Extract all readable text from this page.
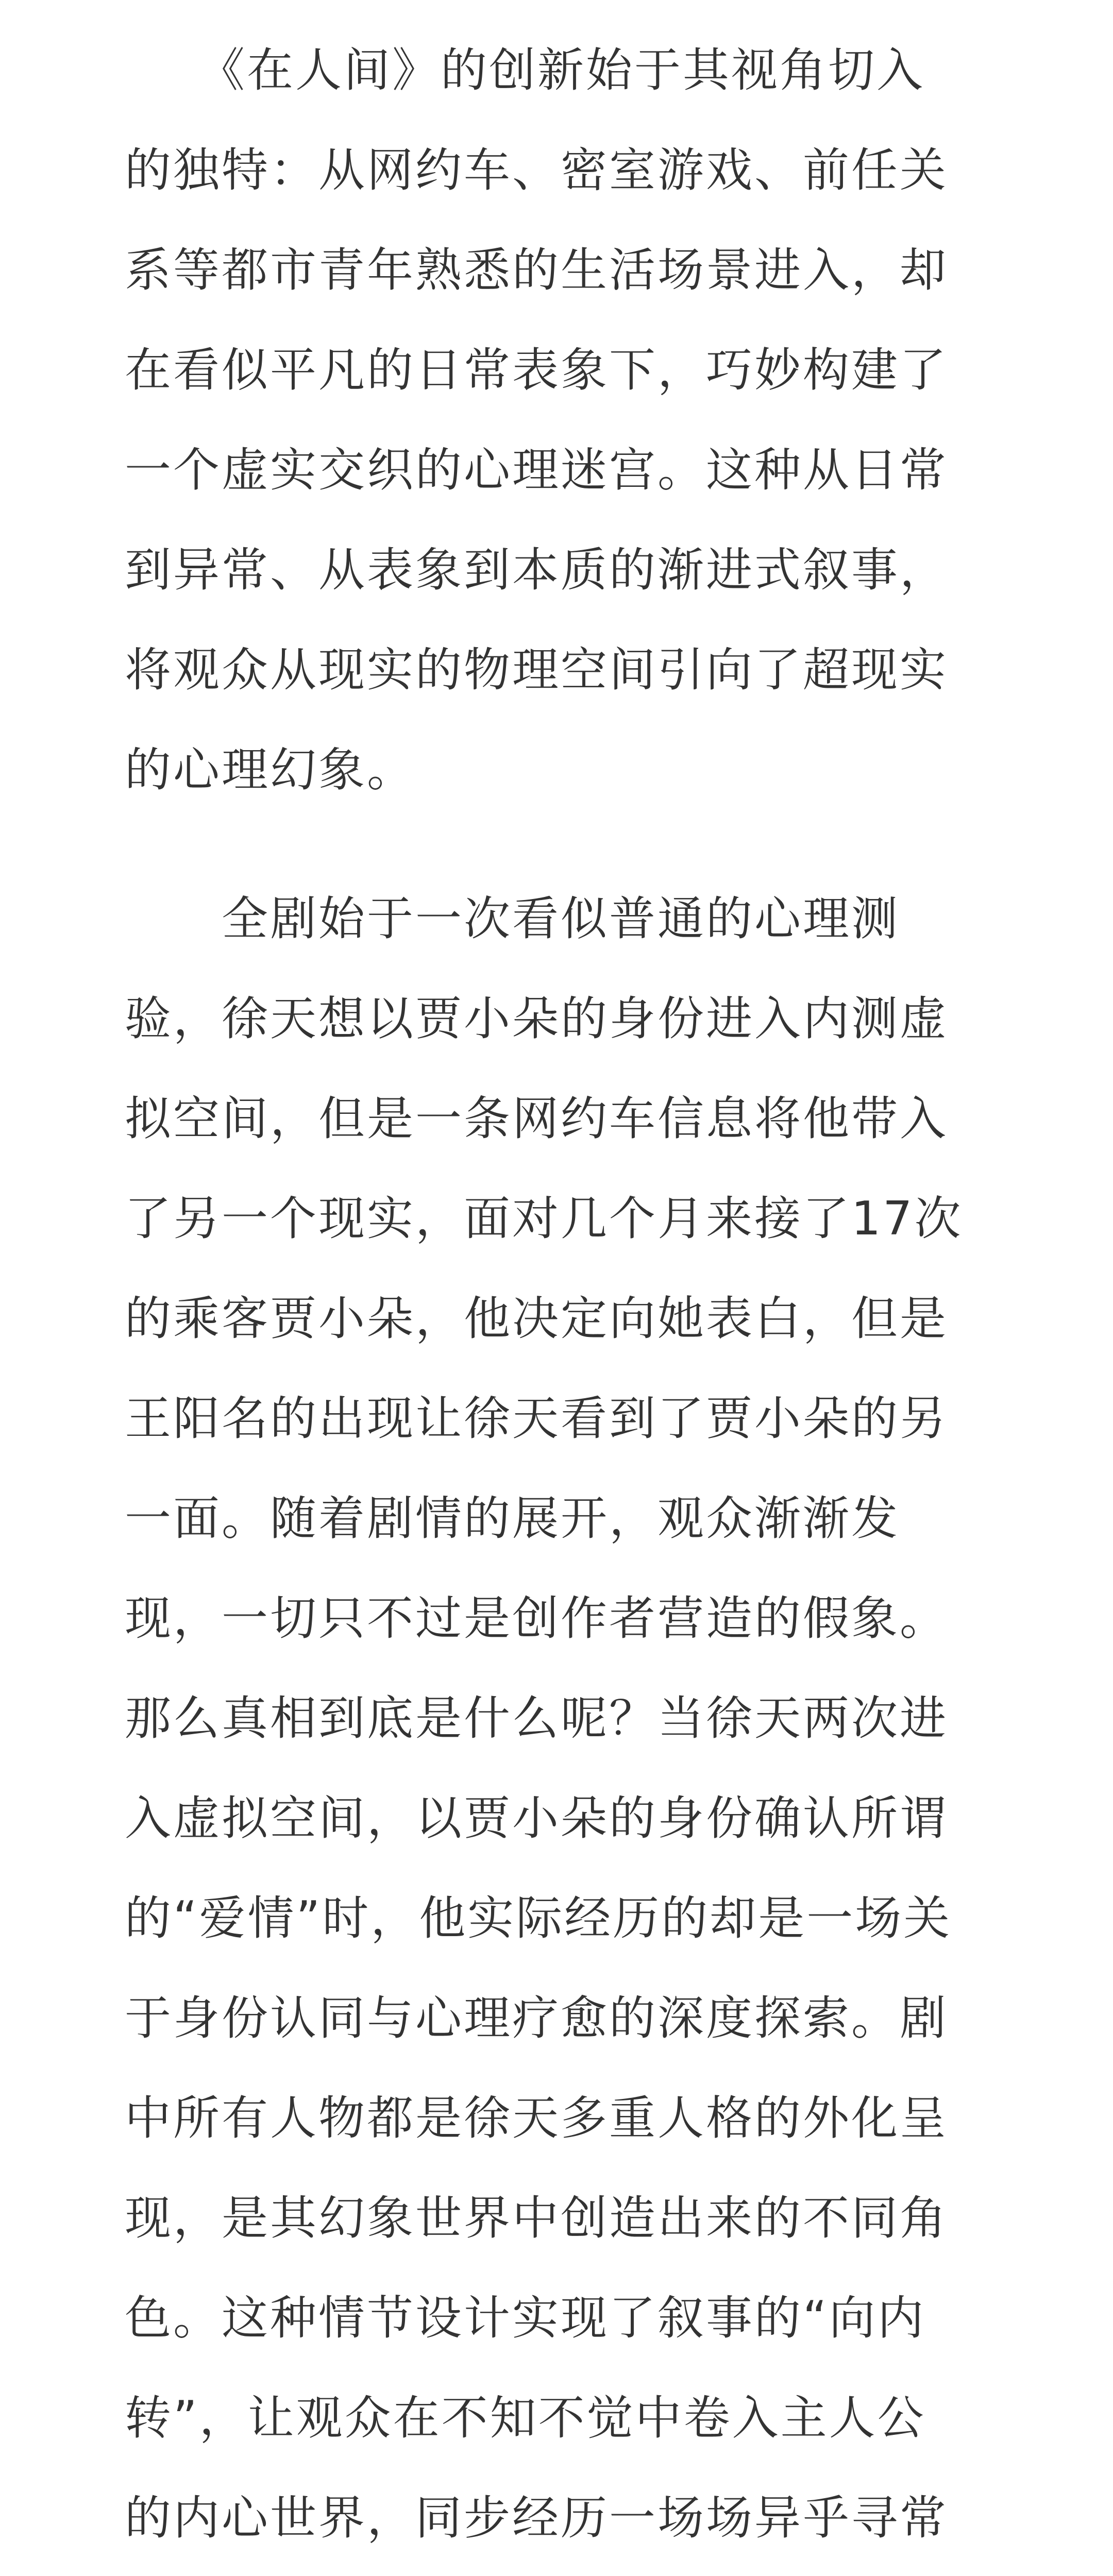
　　《在人间》的创新始于其视角切入
的独特：从网约车、密室游戏、前任关
系等都市青年熟悉的生活场景进入，却
在看似平凡的日常表象下，巧妙构建了
一个虚实交织的心理迷宫。这种从日常
到异常、从表象到本质的渐进式叙事，
将观众从现实的物理空间引向了超现实
的心理幻象。

　　全剧始于一次看似普通的心理测
验，徐天想以贾小朵的身份进入内测虚
拟空间，但是一条网约车信息将他带入
了另一个现实，面对几个月来接了17次
的乘客贾小朵，他决定向她表白，但是
王阳名的出现让徐天看到了贾小朵的另
一面。随着剧情的展开，观众渐渐发
现，一切只不过是创作者营造的假象。
那么真相到底是什么呢？当徐天两次进
入虚拟空间，以贾小朵的身份确认所谓
的“爱情”时，他实际经历的却是一场关
于身份认同与心理疗愈的深度探索。剧
中所有人物都是徐天多重人格的外化呈
现，是其幻象世界中创造出来的不同角
色。这种情节设计实现了叙事的“向内
转”，让观众在不知不觉中卷入主人公
的内心世界，同步经历一场场异乎寻常
